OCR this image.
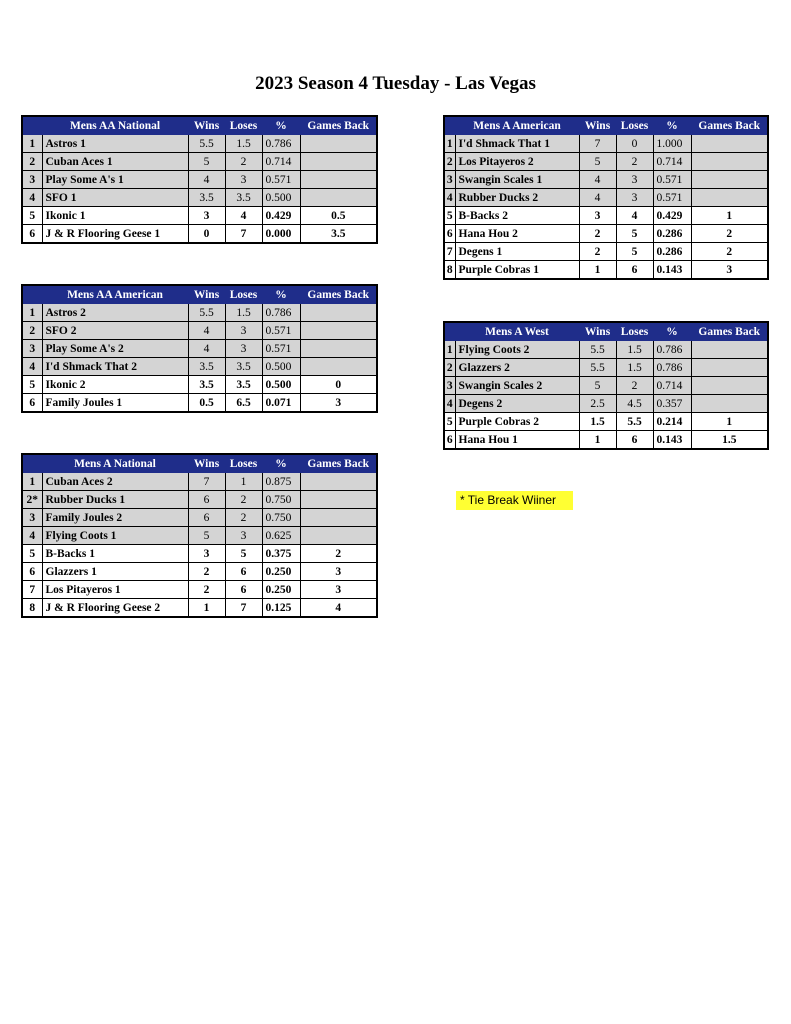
2023 Season 4 Tuesday - Las Vegas
	Mens AA National	Wins	Loses	%	Games Back
1	Astros 1	5.5	1.5	0.786	
2	Cuban Aces 1	5	2	0.714	
3	Play Some A's 1	4	3	0.571	
4	SFO 1	3.5	3.5	0.500	
5	Ikonic 1	3	4	0.429	0.5
6	J & R Flooring Geese 1	0	7	0.000	3.5
	Mens AA American	Wins	Loses	%	Games Back
1	Astros 2	5.5	1.5	0.786	
2	SFO 2	4	3	0.571	
3	Play Some A's 2	4	3	0.571	
4	I'd Shmack That 2	3.5	3.5	0.500	
5	Ikonic 2	3.5	3.5	0.500	0
6	Family Joules 1	0.5	6.5	0.071	3
	Mens A National	Wins	Loses	%	Games Back
1	Cuban Aces 2	7	1	0.875	
2*	Rubber Ducks 1	6	2	0.750	
3	Family Joules 2	6	2	0.750	
4	Flying Coots 1	5	3	0.625	
5	B-Backs 1	3	5	0.375	2
6	Glazzers 1	2	6	0.250	3
7	Los Pitayeros 1	2	6	0.250	3
8	J & R Flooring Geese 2	1	7	0.125	4
	Mens A American	Wins	Loses	%	Games Back
1	I'd Shmack That 1	7	0	1.000	
2	Los Pitayeros 2	5	2	0.714	
3	Swangin Scales 1	4	3	0.571	
4	Rubber Ducks 2	4	3	0.571	
5	B-Backs 2	3	4	0.429	1
6	Hana Hou 2	2	5	0.286	2
7	Degens 1	2	5	0.286	2
8	Purple Cobras 1	1	6	0.143	3
	Mens A West	Wins	Loses	%	Games Back
1	Flying Coots 2	5.5	1.5	0.786	
2	Glazzers 2	5.5	1.5	0.786	
3	Swangin Scales 2	5	2	0.714	
4	Degens 2	2.5	4.5	0.357	
5	Purple Cobras 2	1.5	5.5	0.214	1
6	Hana Hou 1	1	6	0.143	1.5
* Tie Break Wiiner
